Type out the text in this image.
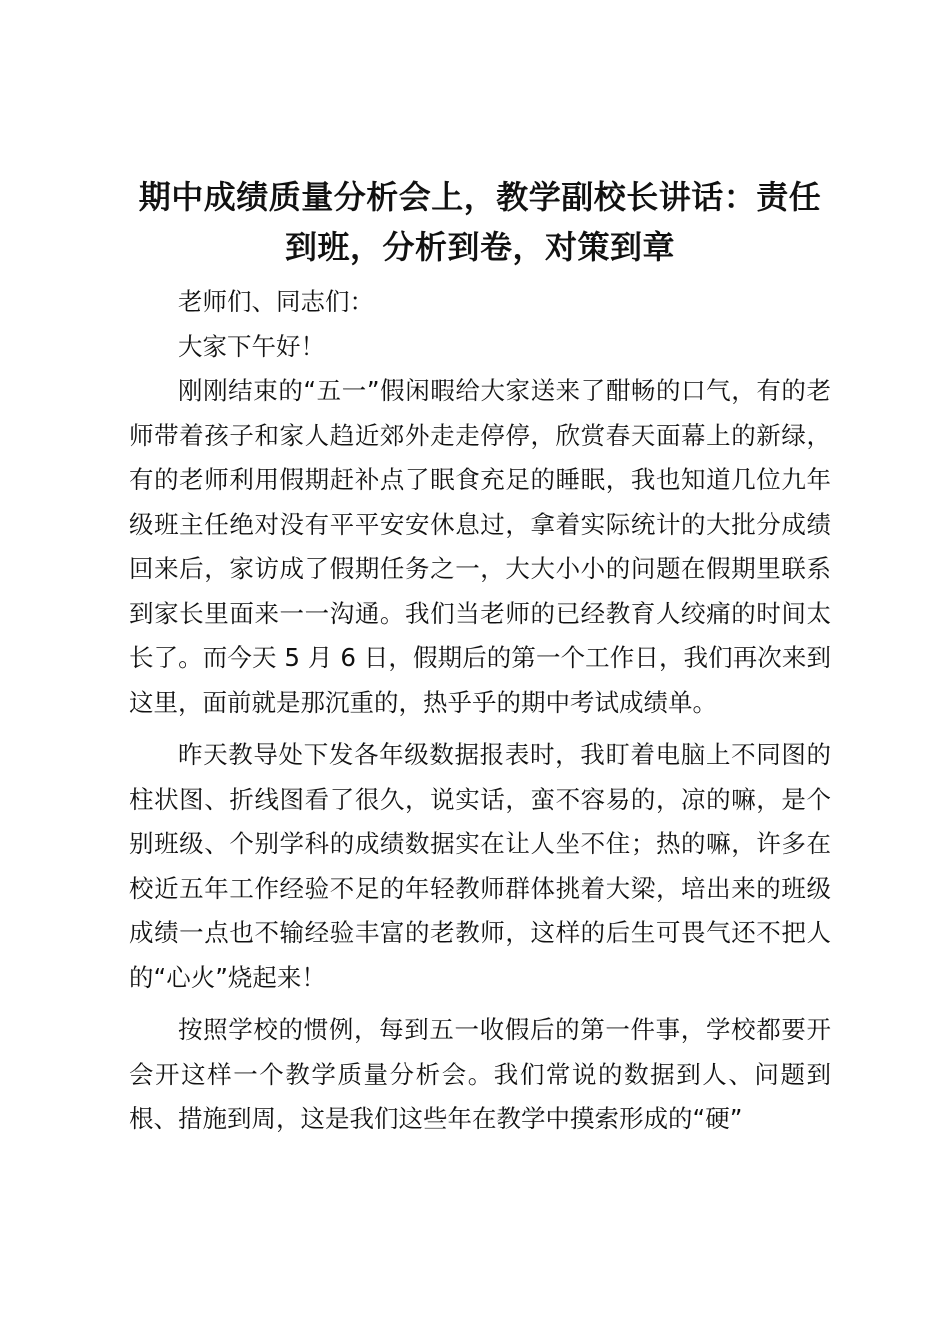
期中成绩质量分析会上，教学副校长讲话：责任到班，分析到卷，对策到章

老师们、同志们：

大家下午好！

刚刚结束的“五一”假闲暇给大家送来了酣畅的口气，有的老师带着孩子和家人趋近郊外走走停停，欣赏春天面幕上的新绿，有的老师利用假期赶补点了眠食充足的睡眠，我也知道几位九年级班主任绝对没有平平安安休息过，拿着实际统计的大批分成绩回来后，家访成了假期任务之一，大大小小的问题在假期里联系到家长里面来一一沟通。我们当老师的已经教育人绞痛的时间太长了。而今天 5 月 6 日，假期后的第一个工作日，我们再次来到这里，面前就是那沉重的，热乎乎的期中考试成绩单。

昨天教导处下发各年级数据报表时，我盯着电脑上不同图的柱状图、折线图看了很久，说实话，蛮不容易的，凉的嘛，是个别班级、个别学科的成绩数据实在让人坐不住；热的嘛，许多在校近五年工作经验不足的年轻教师群体挑着大梁，培出来的班级成绩一点也不输经验丰富的老教师，这样的后生可畏气还不把人的“心火”烧起来！

按照学校的惯例，每到五一收假后的第一件事，学校都要开会开这样一个教学质量分析会。我们常说的数据到人、问题到根、措施到周，这是我们这些年在教学中摸索形成的“硬”
